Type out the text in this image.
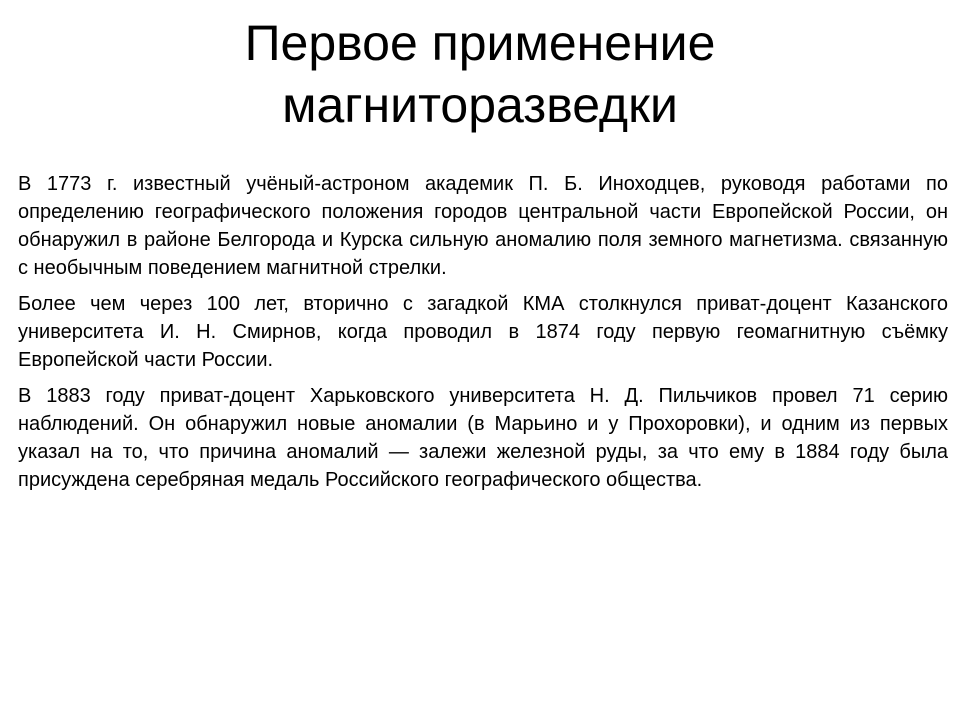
Первое применение
магниторазведки

В 1773 г. известный учёный-астроном академик П. Б. Иноходцев, руководя работами по определению географического положения городов центральной части Европейской России, он обнаружил в районе Белгорода и Курска сильную аномалию поля земного магнетизма. связанную с необычным поведением магнитной стрелки.

Более чем через 100 лет, вторично с загадкой КМА столкнулся приват-доцент Казанского университета И. Н. Смирнов, когда проводил в 1874 году первую геомагнитную съёмку Европейской части России.

В 1883 году приват-доцент Харьковского университета Н. Д. Пильчиков провел 71 серию наблюдений. Он обнаружил новые аномалии (в Марьино и у Прохоровки), и одним из первых указал на то, что причина аномалий — залежи железной руды, за что ему в 1884 году была присуждена серебряная медаль Российского географического общества.
